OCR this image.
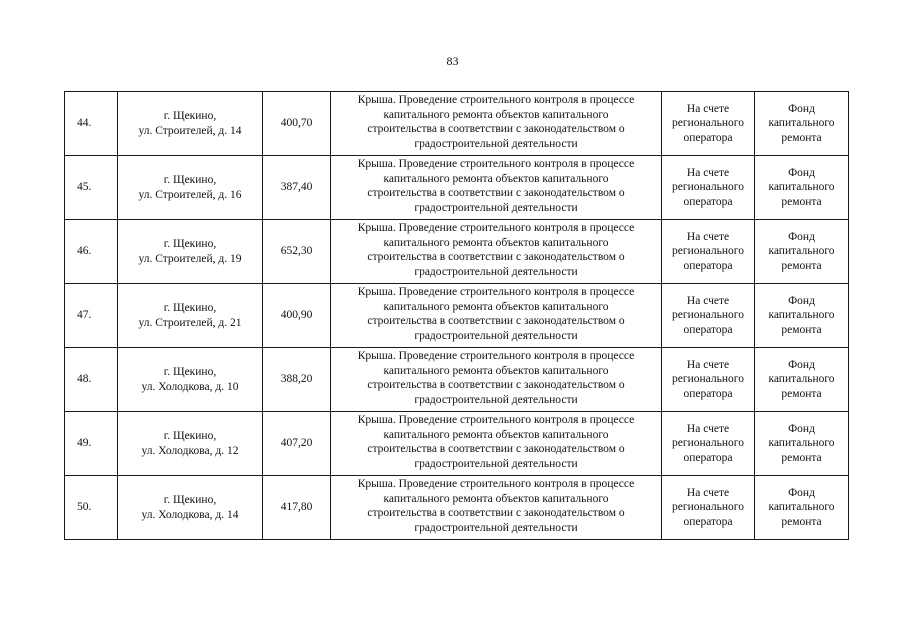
83
44.	г. Щекино,
ул. Строителей, д. 14	400,70	Крыша. Проведение строительного контроля в процессе
капитального ремонта объектов капитального
строительства в соответствии с законодательством о
градостроительной деятельности	На счете
регионального
оператора	Фонд
капитального
ремонта

45.	г. Щекино,
ул. Строителей, д. 16	387,40	Крыша. Проведение строительного контроля в процессе
капитального ремонта объектов капитального
строительства в соответствии с законодательством о
градостроительной деятельности	На счете
регионального
оператора	Фонд
капитального
ремонта

46.	г. Щекино,
ул. Строителей, д. 19	652,30	Крыша. Проведение строительного контроля в процессе
капитального ремонта объектов капитального
строительства в соответствии с законодательством о
градостроительной деятельности	На счете
регионального
оператора	Фонд
капитального
ремонта

47.	г. Щекино,
ул. Строителей, д. 21	400,90	Крыша. Проведение строительного контроля в процессе
капитального ремонта объектов капитального
строительства в соответствии с законодательством о
градостроительной деятельности	На счете
регионального
оператора	Фонд
капитального
ремонта

48.	г. Щекино,
ул. Холодкова, д. 10	388,20	Крыша. Проведение строительного контроля в процессе
капитального ремонта объектов капитального
строительства в соответствии с законодательством о
градостроительной деятельности	На счете
регионального
оператора	Фонд
капитального
ремонта

49.	г. Щекино,
ул. Холодкова, д. 12	407,20	Крыша. Проведение строительного контроля в процессе
капитального ремонта объектов капитального
строительства в соответствии с законодательством о
градостроительной деятельности	На счете
регионального
оператора	Фонд
капитального
ремонта

50.	г. Щекино,
ул. Холодкова, д. 14	417,80	Крыша. Проведение строительного контроля в процессе
капитального ремонта объектов капитального
строительства в соответствии с законодательством о
градостроительной деятельности	На счете
регионального
оператора	Фонд
капитального
ремонта
